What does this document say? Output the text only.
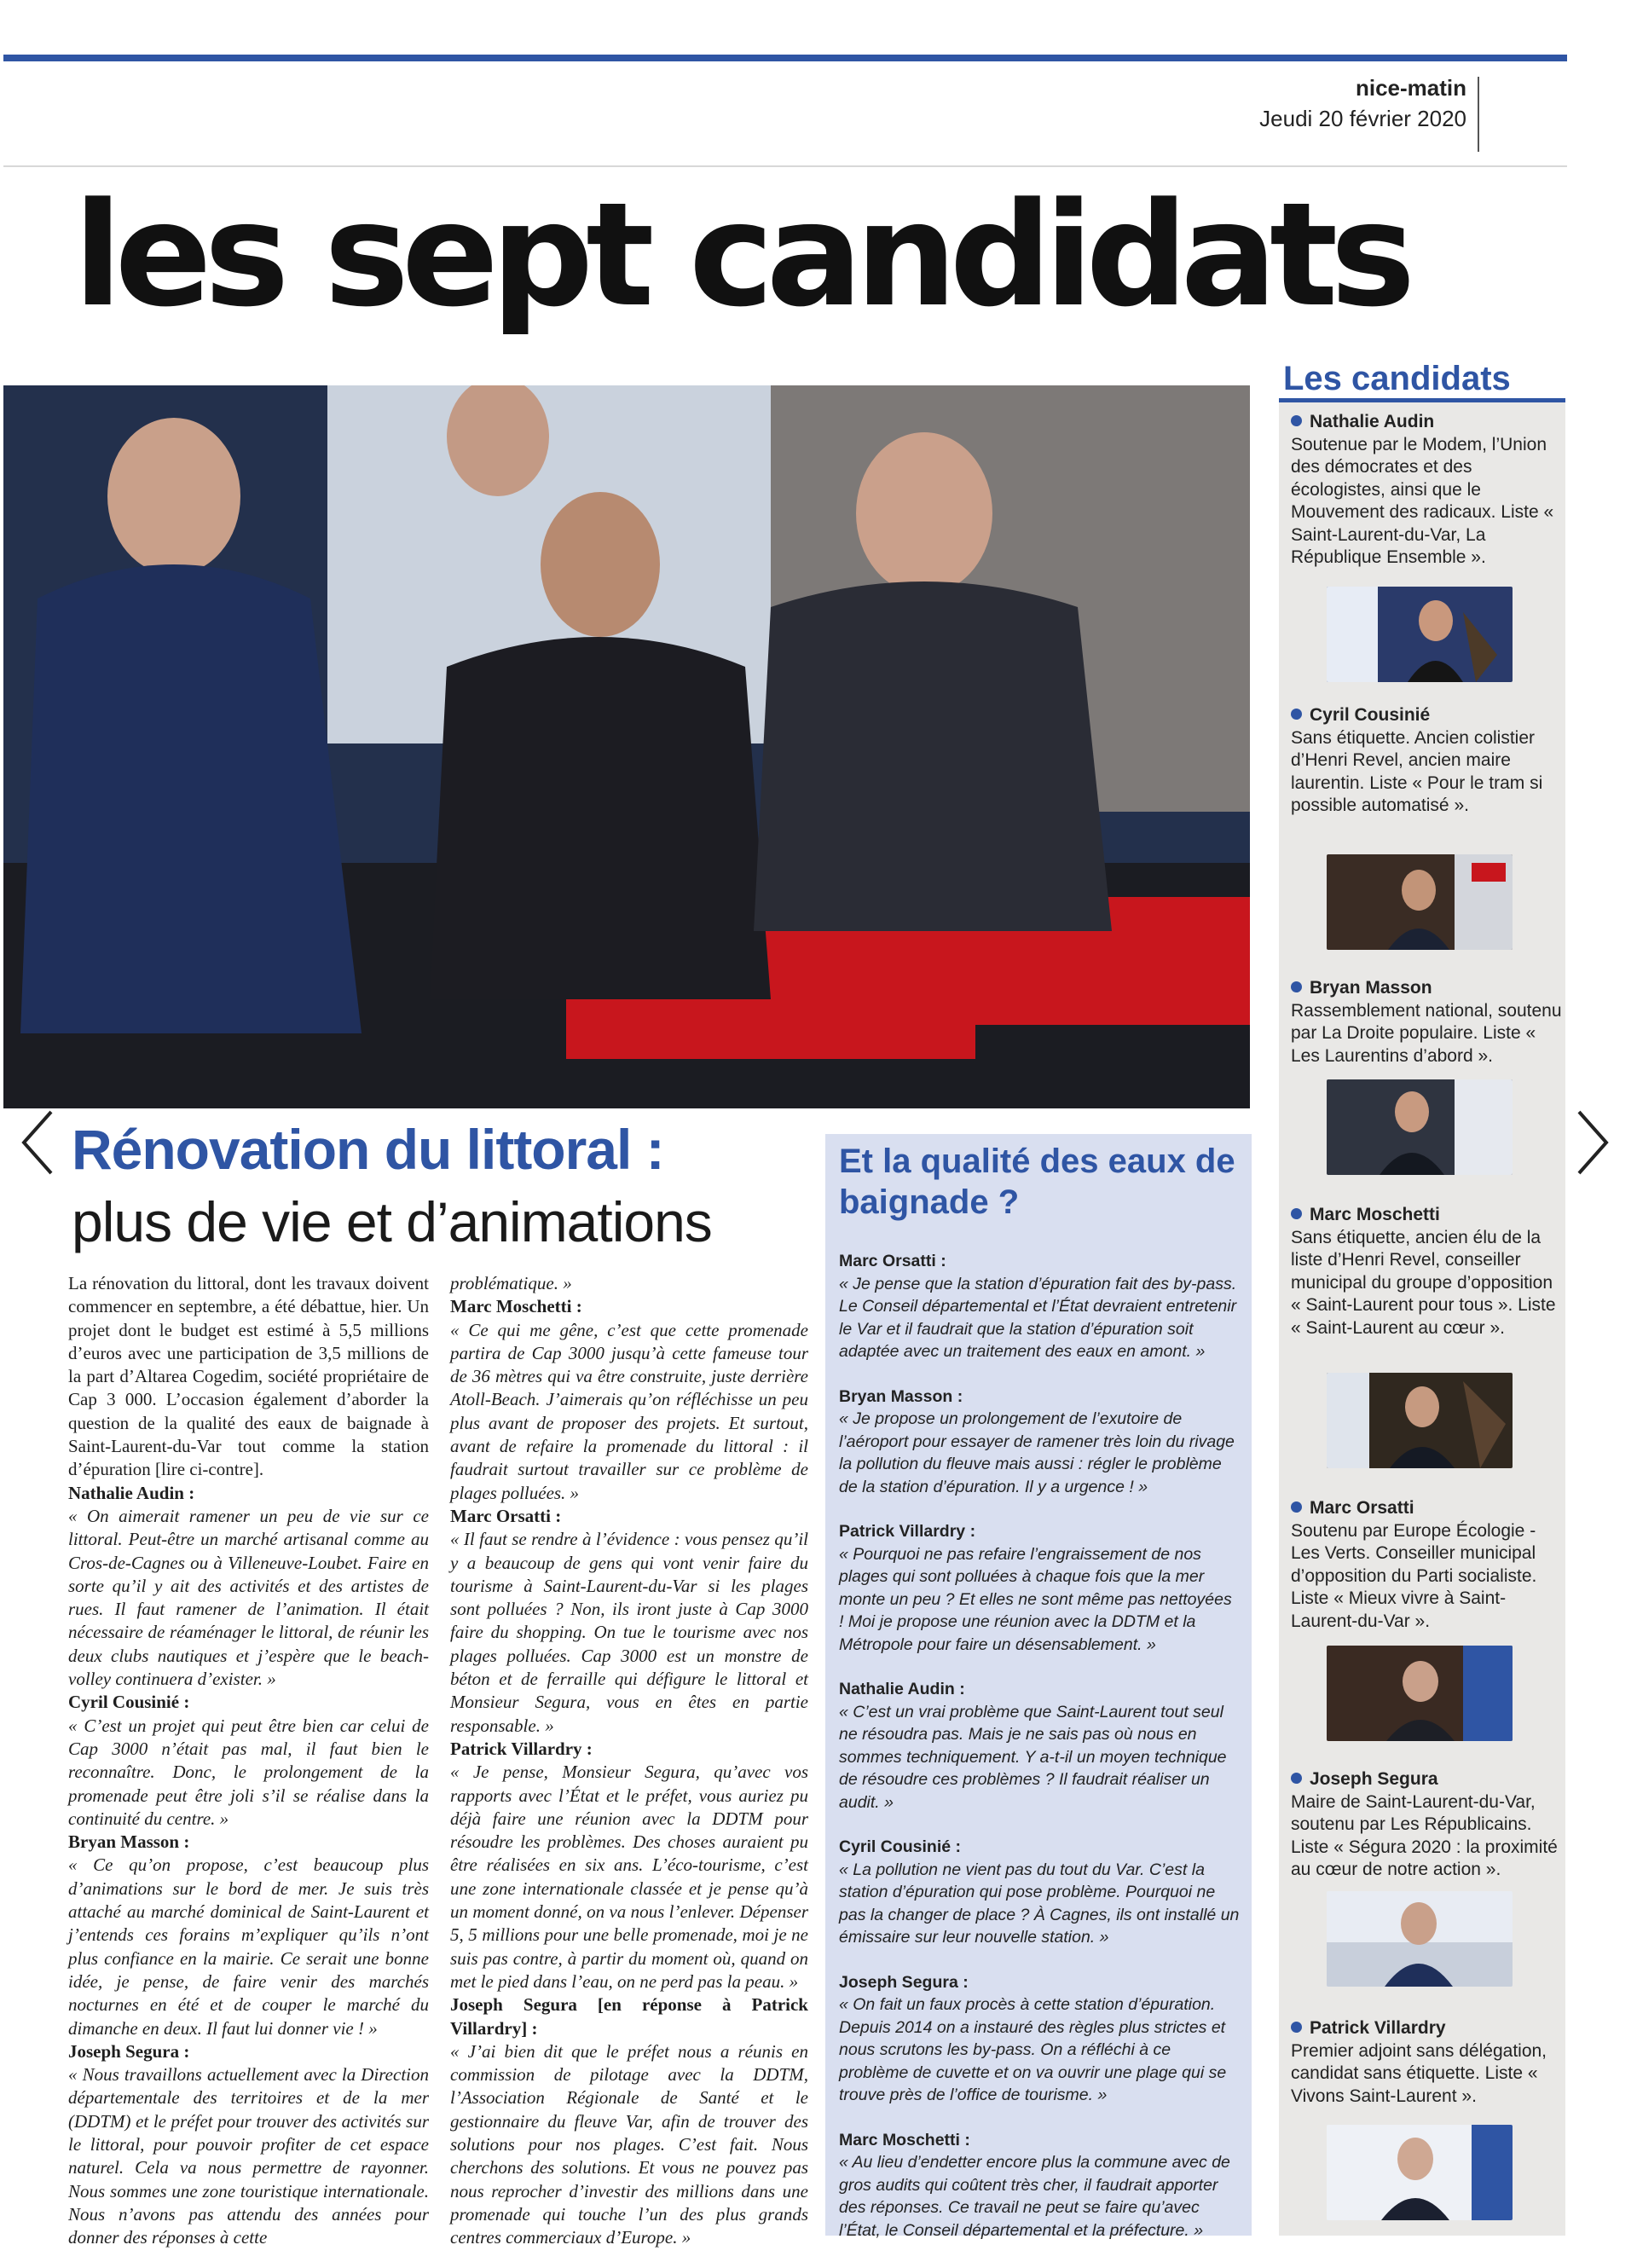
nice-matin
Jeudi 20 février 2020
les sept candidats
Rénovation du littoral :
plus de vie et d’animations

La rénovation du littoral, dont les travaux doivent commencer en septembre, a été débattue, hier. Un projet dont le budget est estimé à 5,5 millions d’euros avec une participation de 3,5 millions de la part d’Altarea Cogedim, société propriétaire de Cap 3 000. L’occasion également d’aborder la question de la qualité des eaux de baignade à Saint-Laurent-du-Var tout comme la station d’épuration [lire ci-contre].

Nathalie Audin :
« On aimerait ramener un peu de vie sur ce littoral. Peut-être un marché artisanal comme au Cros-de-Cagnes ou à Villeneuve-Loubet. Faire en sorte qu’il y ait des activités et des artistes de rues. Il faut ramener de l’animation. Il était nécessaire de réaménager le littoral, de réunir les deux clubs nautiques et j’espère que le beach-volley continuera d’exister. »

Cyril Cousinié :
« C’est un projet qui peut être bien car celui de Cap 3000 n’était pas mal, il faut bien le reconnaître. Donc, le prolongement de la promenade peut être joli s’il se réalise dans la continuité du centre. »

Bryan Masson :
« Ce qu’on propose, c’est beaucoup plus d’animations sur le bord de mer. Je suis très attaché au marché dominical de Saint-Laurent et j’entends ces forains m’expliquer qu’ils n’ont plus confiance en la mairie. Ce serait une bonne idée, je pense, de faire venir des marchés nocturnes en été et de couper le marché du dimanche en deux. Il faut lui donner vie ! »

Joseph Segura :
« Nous travaillons actuellement avec la Direction départementale des territoires et de la mer (DDTM) et le préfet pour trouver des activités sur le littoral, pour pouvoir profiter de cet espace naturel. Cela va nous permettre de rayonner. Nous sommes une zone touristique internationale. Nous n’avons pas attendu des années pour donner des réponses à cette

problématique. »

Marc Moschetti :
« Ce qui me gêne, c’est que cette promenade partira de Cap 3000 jusqu’à cette fameuse tour de 36 mètres qui va être construite, juste derrière Atoll-Beach. J’aimerais qu’on réfléchisse un peu plus avant de proposer des projets. Et surtout, avant de refaire la promenade du littoral : il faudrait surtout travailler sur ce problème de plages polluées. »

Marc Orsatti :
« Il faut se rendre à l’évidence : vous pensez qu’il y a beaucoup de gens qui vont venir faire du tourisme à Saint-Laurent-du-Var si les plages sont polluées ? Non, ils iront juste à Cap 3000 faire du shopping. On tue le tourisme avec nos plages polluées. Cap 3000 est un monstre de béton et de ferraille qui défigure le littoral et Monsieur Segura, vous en êtes en partie responsable. »

Patrick Villardry :
« Je pense, Monsieur Segura, qu’avec vos rapports avec l’État et le préfet, vous auriez pu déjà faire une réunion avec la DDTM pour résoudre les problèmes. Des choses auraient pu être réalisées en six ans. L’éco-tourisme, c’est une zone internationale classée et je pense qu’à un moment donné, on va nous l’enlever. Dépenser 5, 5 millions pour une belle promenade, moi je ne suis pas contre, à partir du moment où, quand on met le pied dans l’eau, on ne perd pas la peau. »

Joseph Segura [en réponse à Patrick Villardry] :
« J’ai bien dit que le préfet nous a réunis en commission de pilotage avec la DDTM, l’Association Régionale de Santé et le gestionnaire du fleuve Var, afin de trouver des solutions pour nos plages. C’est fait. Nous cherchons des solutions. Et vous ne pouvez pas nous reprocher d’investir des millions dans une promenade qui touche l’un des plus grands centres commerciaux d’Europe. »

Et la qualité des eaux de baignade ?

Marc Orsatti :

« Je pense que la station d’épuration fait des by-pass. Le Conseil départemental et l’État devraient entretenir le Var et il faudrait que la station d’épuration soit adaptée avec un traitement des eaux en amont. »

Bryan Masson :

« Je propose un prolongement de l’exutoire de l’aéroport pour essayer de ramener très loin du rivage la pollution du fleuve mais aussi : régler le problème de la station d’épuration. Il y a urgence ! »

Patrick Villardry :

« Pourquoi ne pas refaire l’engraissement de nos plages qui sont polluées à chaque fois que la mer monte un peu ? Et elles ne sont même pas nettoyées ! Moi je propose une réunion avec la DDTM et la Métropole pour faire un désensablement. »

Nathalie Audin :

« C’est un vrai problème que Saint-Laurent tout seul ne résoudra pas. Mais je ne sais pas où nous en sommes techniquement. Y a-t-il un moyen technique de résoudre ces problèmes ? Il faudrait réaliser un audit. »

Cyril Cousinié :

« La pollution ne vient pas du tout du Var. C’est la station d’épuration qui pose problème. Pourquoi ne pas la changer de place ? À Cagnes, ils ont installé un émissaire sur leur nouvelle station. »

Joseph Segura :

« On fait un faux procès à cette station d’épuration. Depuis 2014 on a instauré des règles plus strictes et nous scrutons les by-pass. On a réfléchi à ce problème de cuvette et on va ouvrir une plage qui se trouve près de l’office de tourisme. »

Marc Moschetti :

« Au lieu d’endetter encore plus la commune avec de gros audits qui coûtent très cher, il faudrait apporter des réponses. Ce travail ne peut se faire qu’avec l’État, le Conseil départemental et la préfecture. »

Les candidats
Nathalie Audin
Soutenue par le Modem, l’Union des démocrates et des écologistes, ainsi que le Mouvement des radicaux. Liste « Saint-Laurent-du-Var, La République Ensemble ».
Cyril Cousinié
Sans étiquette. Ancien colistier d’Henri Revel, ancien maire laurentin. Liste « Pour le tram si possible automatisé ».
Bryan Masson
Rassemblement national, soutenu par La Droite populaire. Liste « Les Laurentins d’abord ».
Marc Moschetti
Sans étiquette, ancien élu de la liste d’Henri Revel, conseiller municipal du groupe d’opposition « Saint-Laurent pour tous ». Liste « Saint-Laurent au cœur ».
Marc Orsatti
Soutenu par Europe Écologie - Les Verts. Conseiller municipal d’opposition du Parti socialiste. Liste « Mieux vivre à Saint-Laurent-du-Var ».
Joseph Segura
Maire de Saint-Laurent-du-Var, soutenu par Les Républicains. Liste « Ségura 2020 : la proximité au cœur de notre action ».
Patrick Villardry
Premier adjoint sans délégation, candidat sans étiquette. Liste « Vivons Saint-Laurent ».
